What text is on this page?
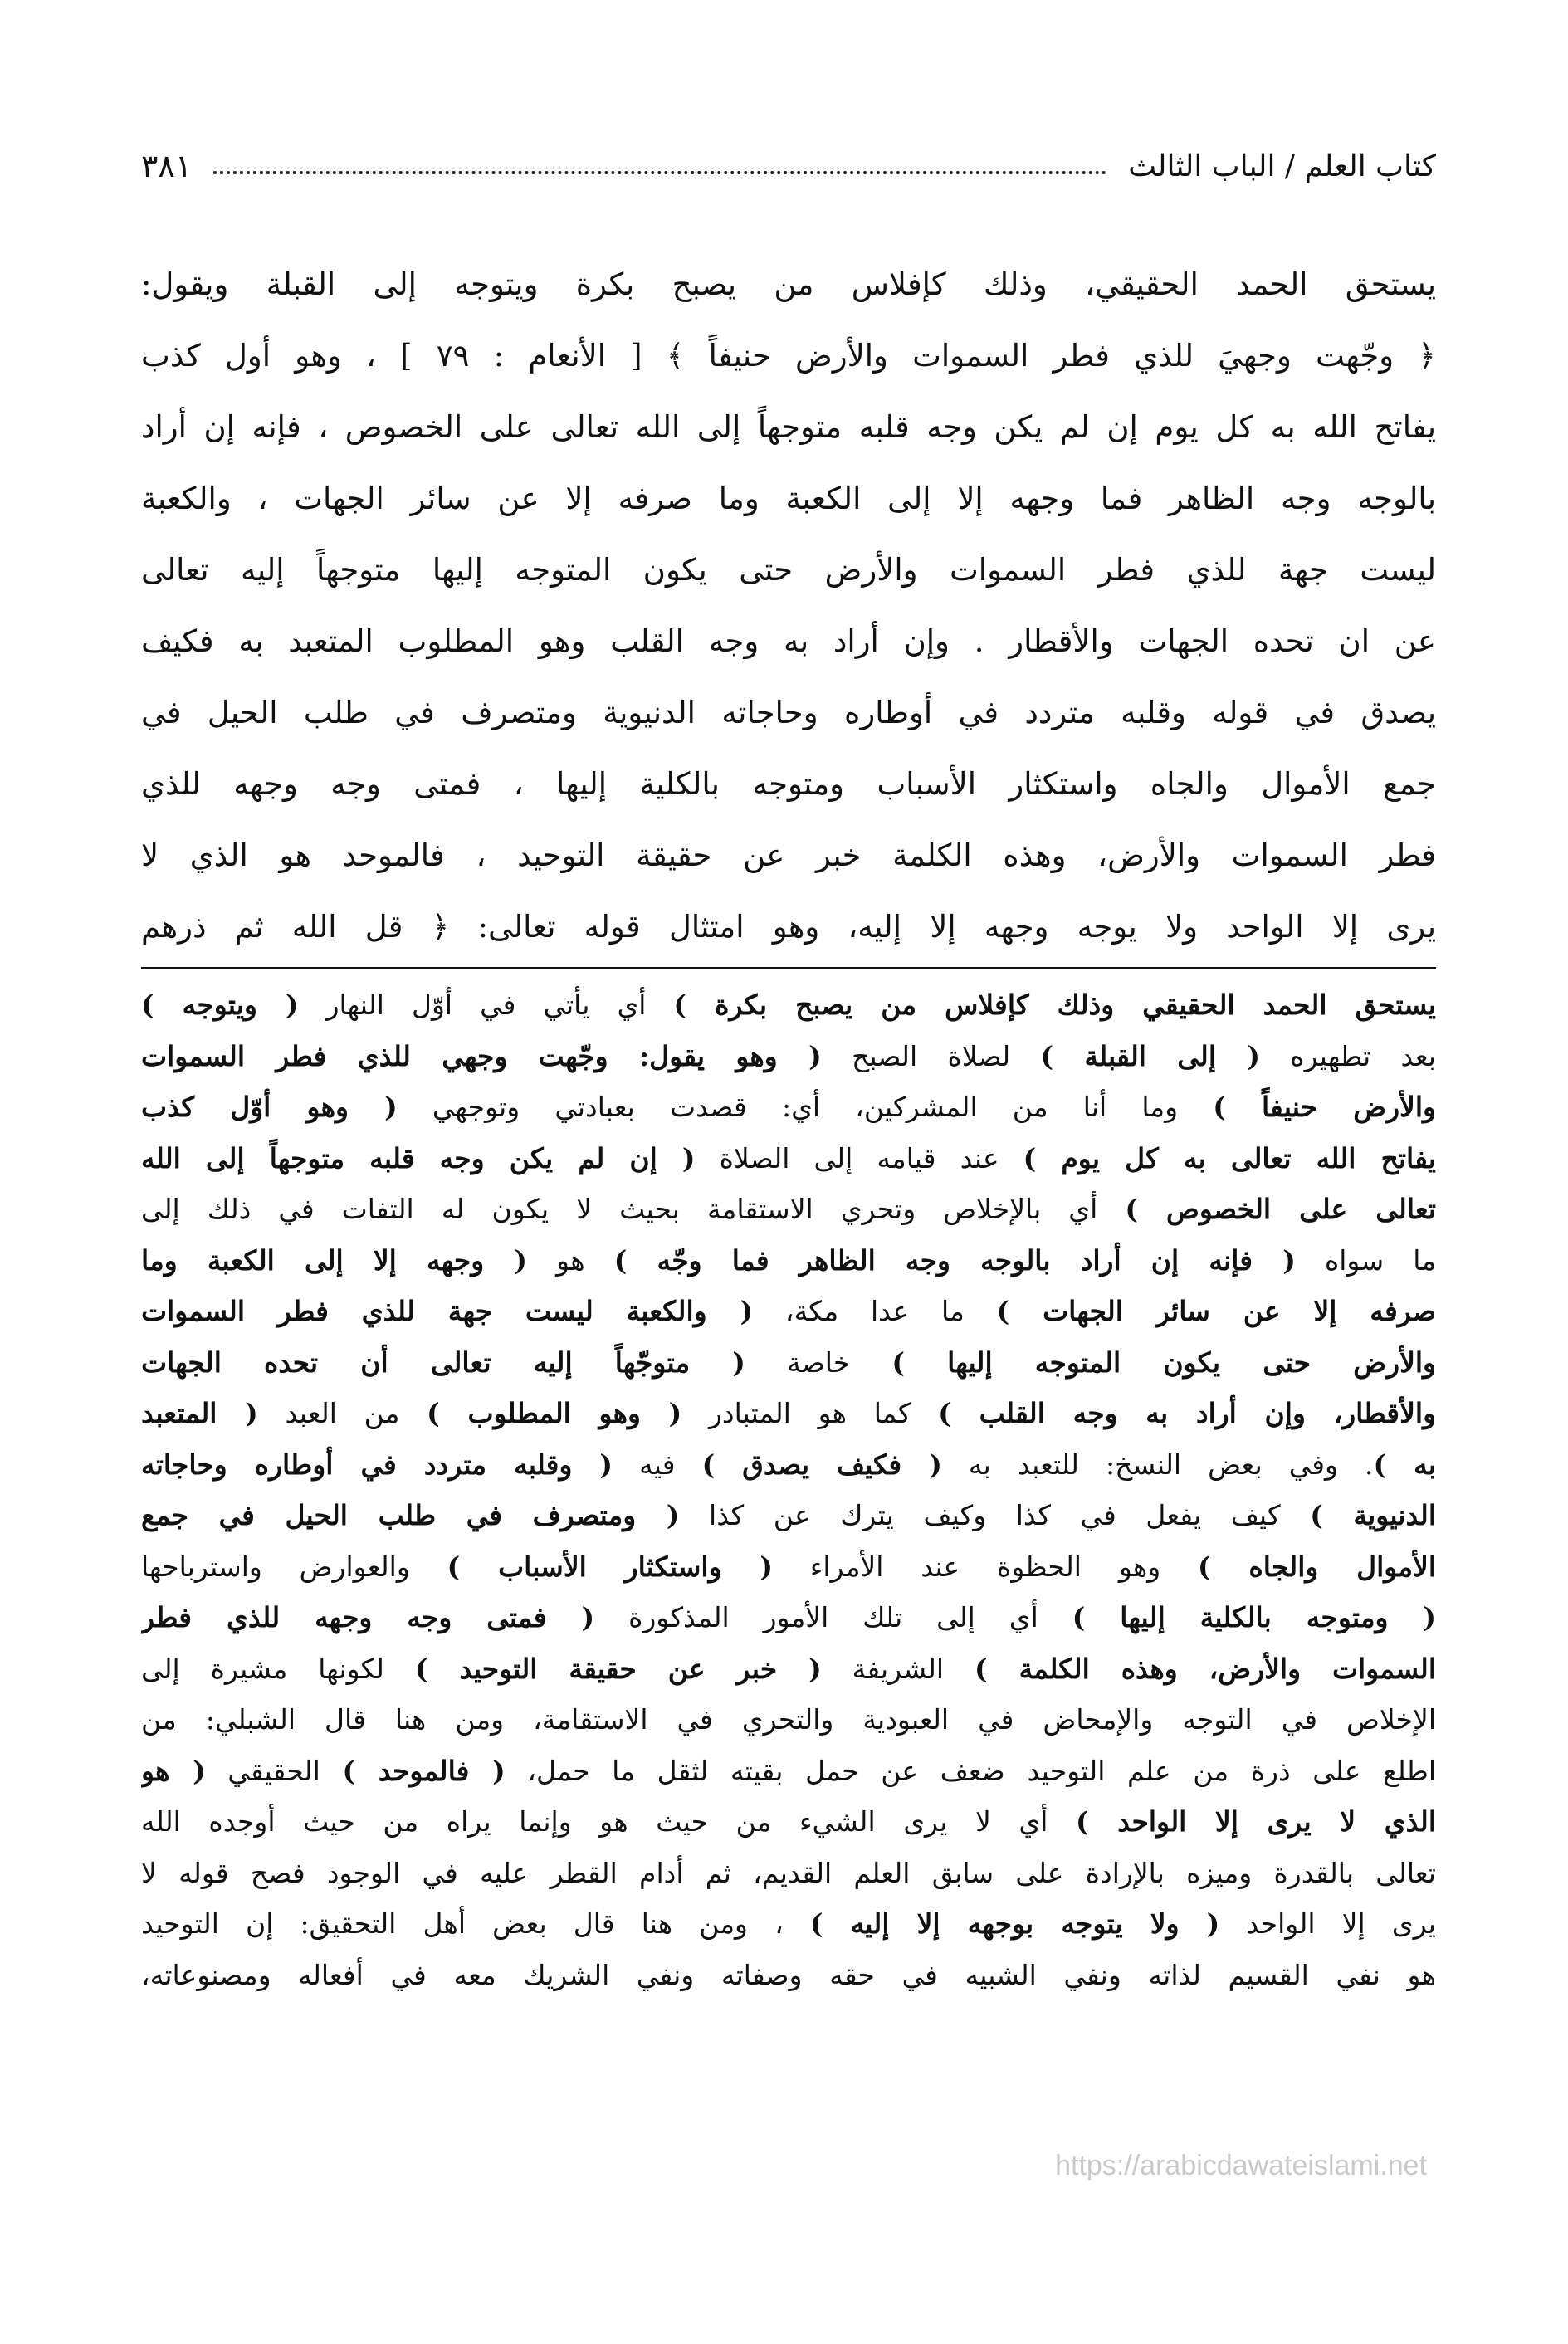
كتاب العلم / الباب الثالث
٣٨١
يستحق الحمد الحقيقي، وذلك كإفلاس من يصبح بكرة ويتوجه إلى القبلة ويقول:
﴿ وجّهت وجهيَ للذي فطر السموات والأرض حنيفاً ﴾ [ الأنعام : ٧٩ ] ، وهو أول كذب
يفاتح الله به كل يوم إن لم يكن وجه قلبه متوجهاً إلى الله تعالى على الخصوص ، فإنه إن أراد
بالوجه وجه الظاهر فما وجهه إلا إلى الكعبة وما صرفه إلا عن سائر الجهات ، والكعبة
ليست جهة للذي فطر السموات والأرض حتى يكون المتوجه إليها متوجهاً إليه تعالى
عن ان تحده الجهات والأقطار . وإن أراد به وجه القلب وهو المطلوب المتعبد به فكيف
يصدق في قوله وقلبه متردد في أوطاره وحاجاته الدنيوية ومتصرف في طلب الحيل في
جمع الأموال والجاه واستكثار الأسباب ومتوجه بالكلية إليها ، فمتى وجه وجهه للذي
فطر السموات والأرض، وهذه الكلمة خبر عن حقيقة التوحيد ، فالموحد هو الذي لا
يرى إلا الواحد ولا يوجه وجهه إلا إليه، وهو امتثال قوله تعالى: ﴿ قل الله ثم ذرهم
يستحق الحمد الحقيقي وذلك كإفلاس من يصبح بكرة ) أي يأتي في أوّل النهار ( ويتوجه )
بعد تطهيره ( إلى القبلة ) لصلاة الصبح ( وهو يقول: وجّهت وجهي للذي فطر السموات
والأرض حنيفاً ) وما أنا من المشركين، أي: قصدت بعبادتي وتوجهي ( وهو أوّل كذب
يفاتح الله تعالى به كل يوم ) عند قيامه إلى الصلاة ( إن لم يكن وجه قلبه متوجهاً إلى الله
تعالى على الخصوص ) أي بالإخلاص وتحري الاستقامة بحيث لا يكون له التفات في ذلك إلى
ما سواه ( فإنه إن أراد بالوجه وجه الظاهر فما وجّه ) هو ( وجهه إلا إلى الكعبة وما
صرفه إلا عن سائر الجهات ) ما عدا مكة، ( والكعبة ليست جهة للذي فطر السموات
والأرض حتى يكون المتوجه إليها ) خاصة ( متوجّهاً إليه تعالى أن تحده الجهات
والأقطار، وإن أراد به وجه القلب ) كما هو المتبادر ( وهو المطلوب ) من العبد ( المتعبد
به ). وفي بعض النسخ: للتعبد به ( فكيف يصدق ) فيه ( وقلبه متردد في أوطاره وحاجاته
الدنيوية ) كيف يفعل في كذا وكيف يترك عن كذا ( ومتصرف في طلب الحيل في جمع
الأموال والجاه ) وهو الحظوة عند الأمراء ( واستكثار الأسباب ) والعوارض واسترباحها
( ومتوجه بالكلية إليها ) أي إلى تلك الأمور المذكورة ( فمتى وجه وجهه للذي فطر
السموات والأرض، وهذه الكلمة ) الشريفة ( خبر عن حقيقة التوحيد ) لكونها مشيرة إلى
الإخلاص في التوجه والإمحاض في العبودية والتحري في الاستقامة، ومن هنا قال الشبلي: من
اطلع على ذرة من علم التوحيد ضعف عن حمل بقيته لثقل ما حمل، ( فالموحد ) الحقيقي ( هو
الذي لا يرى إلا الواحد ) أي لا يرى الشيء من حيث هو وإنما يراه من حيث أوجده الله
تعالى بالقدرة وميزه بالإرادة على سابق العلم القديم، ثم أدام القطر عليه في الوجود فصح قوله لا
يرى إلا الواحد ( ولا يتوجه بوجهه إلا إليه ) ، ومن هنا قال بعض أهل التحقيق: إن التوحيد
هو نفي القسيم لذاته ونفي الشبيه في حقه وصفاته ونفي الشريك معه في أفعاله ومصنوعاته،
https://arabicdawateislami.net
